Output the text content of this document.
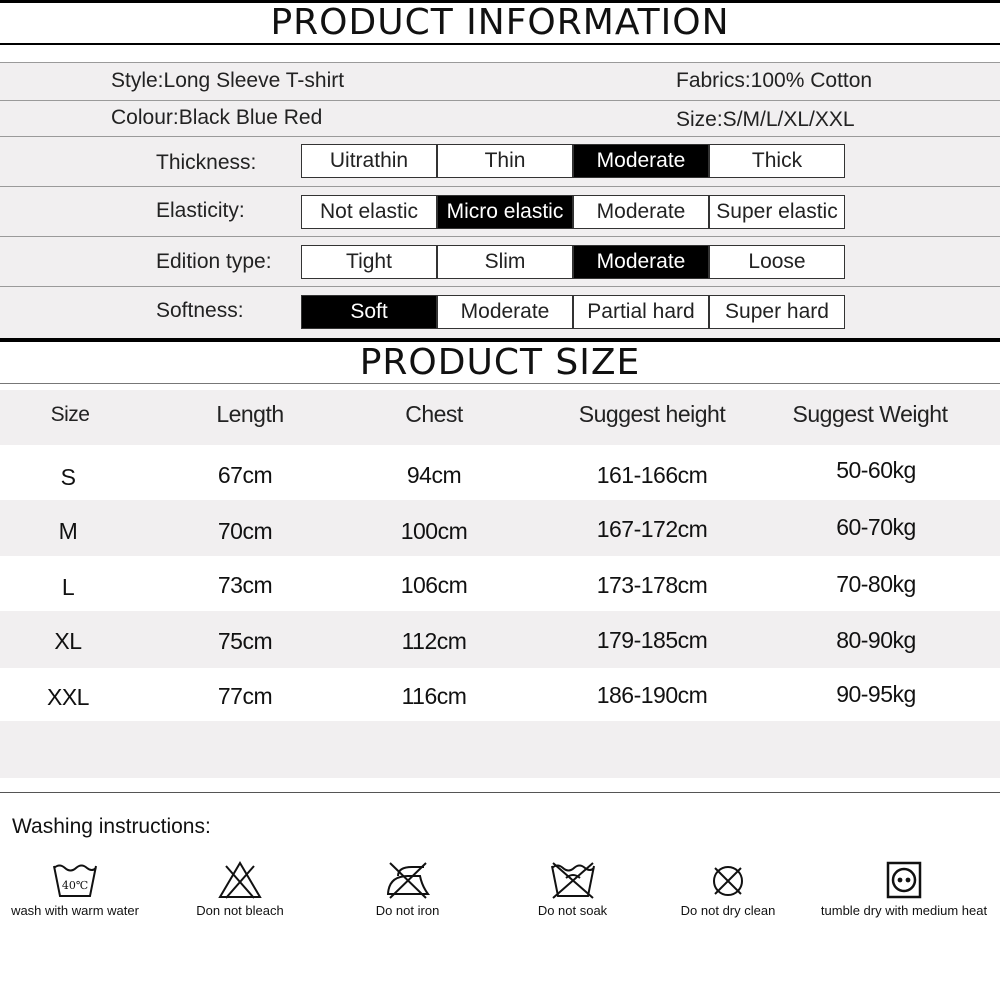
PRODUCT INFORMATION
Style:Long Sleeve T-shirt	Fabrics:100% Cotton
Colour:Black Blue Red	Size:S/M/L/XL/XXL
Thickness:	Uitrathin	Thin	Moderate	Thick
Elasticity:	Not elastic	Micro elastic	Moderate	Super elastic
Edition type:	Tight	Slim	Moderate	Loose
Softness:	Soft	Moderate	Partial hard	Super hard
PRODUCT SIZE
Size	Length	Chest	Suggest height	Suggest Weight
S	67cm	94cm	161-166cm	50-60kg
M	70cm	100cm	167-172cm	60-70kg
L	73cm	106cm	173-178cm	70-80kg
XL	75cm	112cm	179-185cm	80-90kg
XXL	77cm	116cm	186-190cm	90-95kg
Washing instructions:
40℃
wash with warm water	Don not bleach	Do not iron	Do not soak	Do not dry clean	tumble dry with medium heat
